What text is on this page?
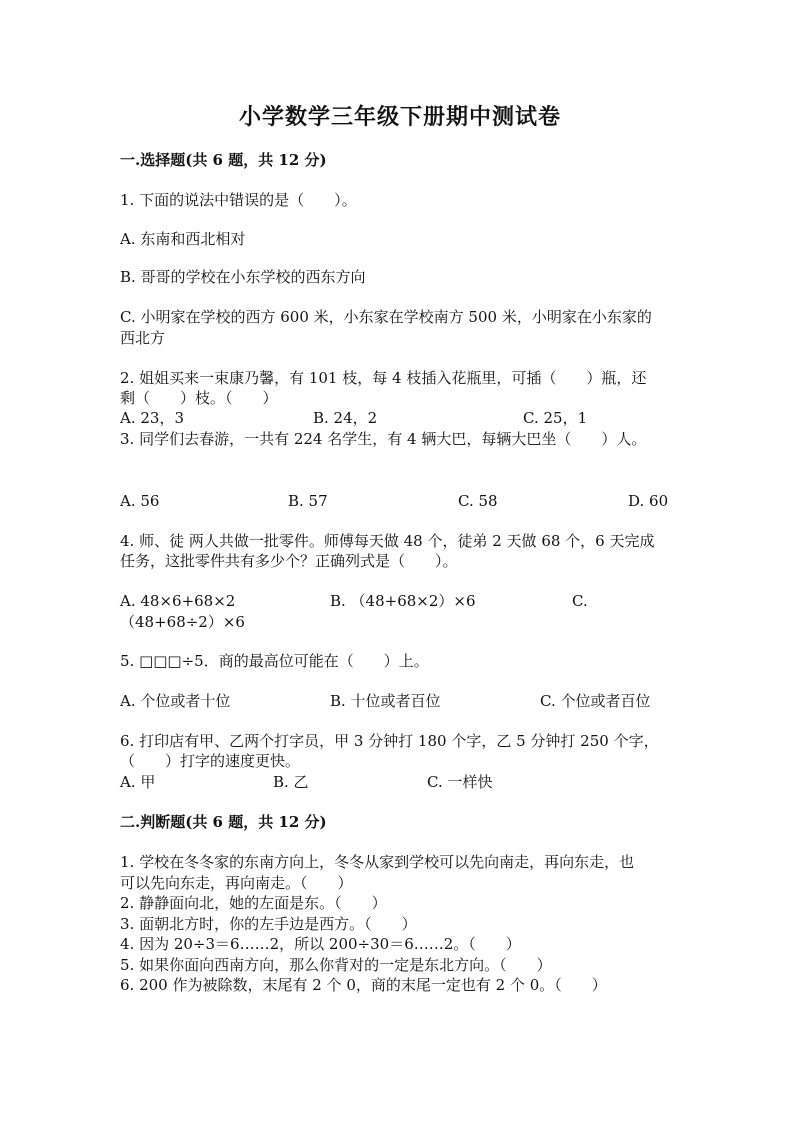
小学数学三年级下册期中测试卷
一.选择题(共 6 题，共 12 分)
1. 下面的说法中错误的是（　　）。
A. 东南和西北相对
B. 哥哥的学校在小东学校的西东方向
C. 小明家在学校的西方 600 米，小东家在学校南方 500 米，小明家在小东家的
西北方
2. 姐姐买来一束康乃馨，有 101 枝，每 4 枝插入花瓶里，可插（　　）瓶，还
剩（　　）枝。（　　）
A. 23，3	B. 24，2	C. 25，1
3. 同学们去春游，一共有 224 名学生，有 4 辆大巴，每辆大巴坐（　　）人。
A. 56	B. 57	C. 58	D. 60
4. 师、徒 两人共做一批零件。师傅每天做 48 个，徒弟 2 天做 68 个，6 天完成
任务，这批零件共有多少个？正确列式是（　　）。
A. 48×6+68×2	B. （48+68×2）×6	C.
（48+68÷2）×6
5. □□□÷5．商的最高位可能在（　　）上。
A. 个位或者十位	B. 十位或者百位	C. 个位或者百位
6. 打印店有甲、乙两个打字员，甲 3 分钟打 180 个字，乙 5 分钟打 250 个字，
（　　）打字的速度更快。
A. 甲	B. 乙	C. 一样快
二.判断题(共 6 题，共 12 分)
1. 学校在冬冬家的东南方向上，冬冬从家到学校可以先向南走，再向东走，也
可以先向东走，再向南走。（　　）
2. 静静面向北，她的左面是东。（　　）
3. 面朝北方时，你的左手边是西方。（　　）
4. 因为 20÷3＝6……2，所以 200÷30＝6……2。（　　）
5. 如果你面向西南方向，那么你背对的一定是东北方向。（　　）
6. 200 作为被除数，末尾有 2 个 0，商的末尾一定也有 2 个 0。（　　）
